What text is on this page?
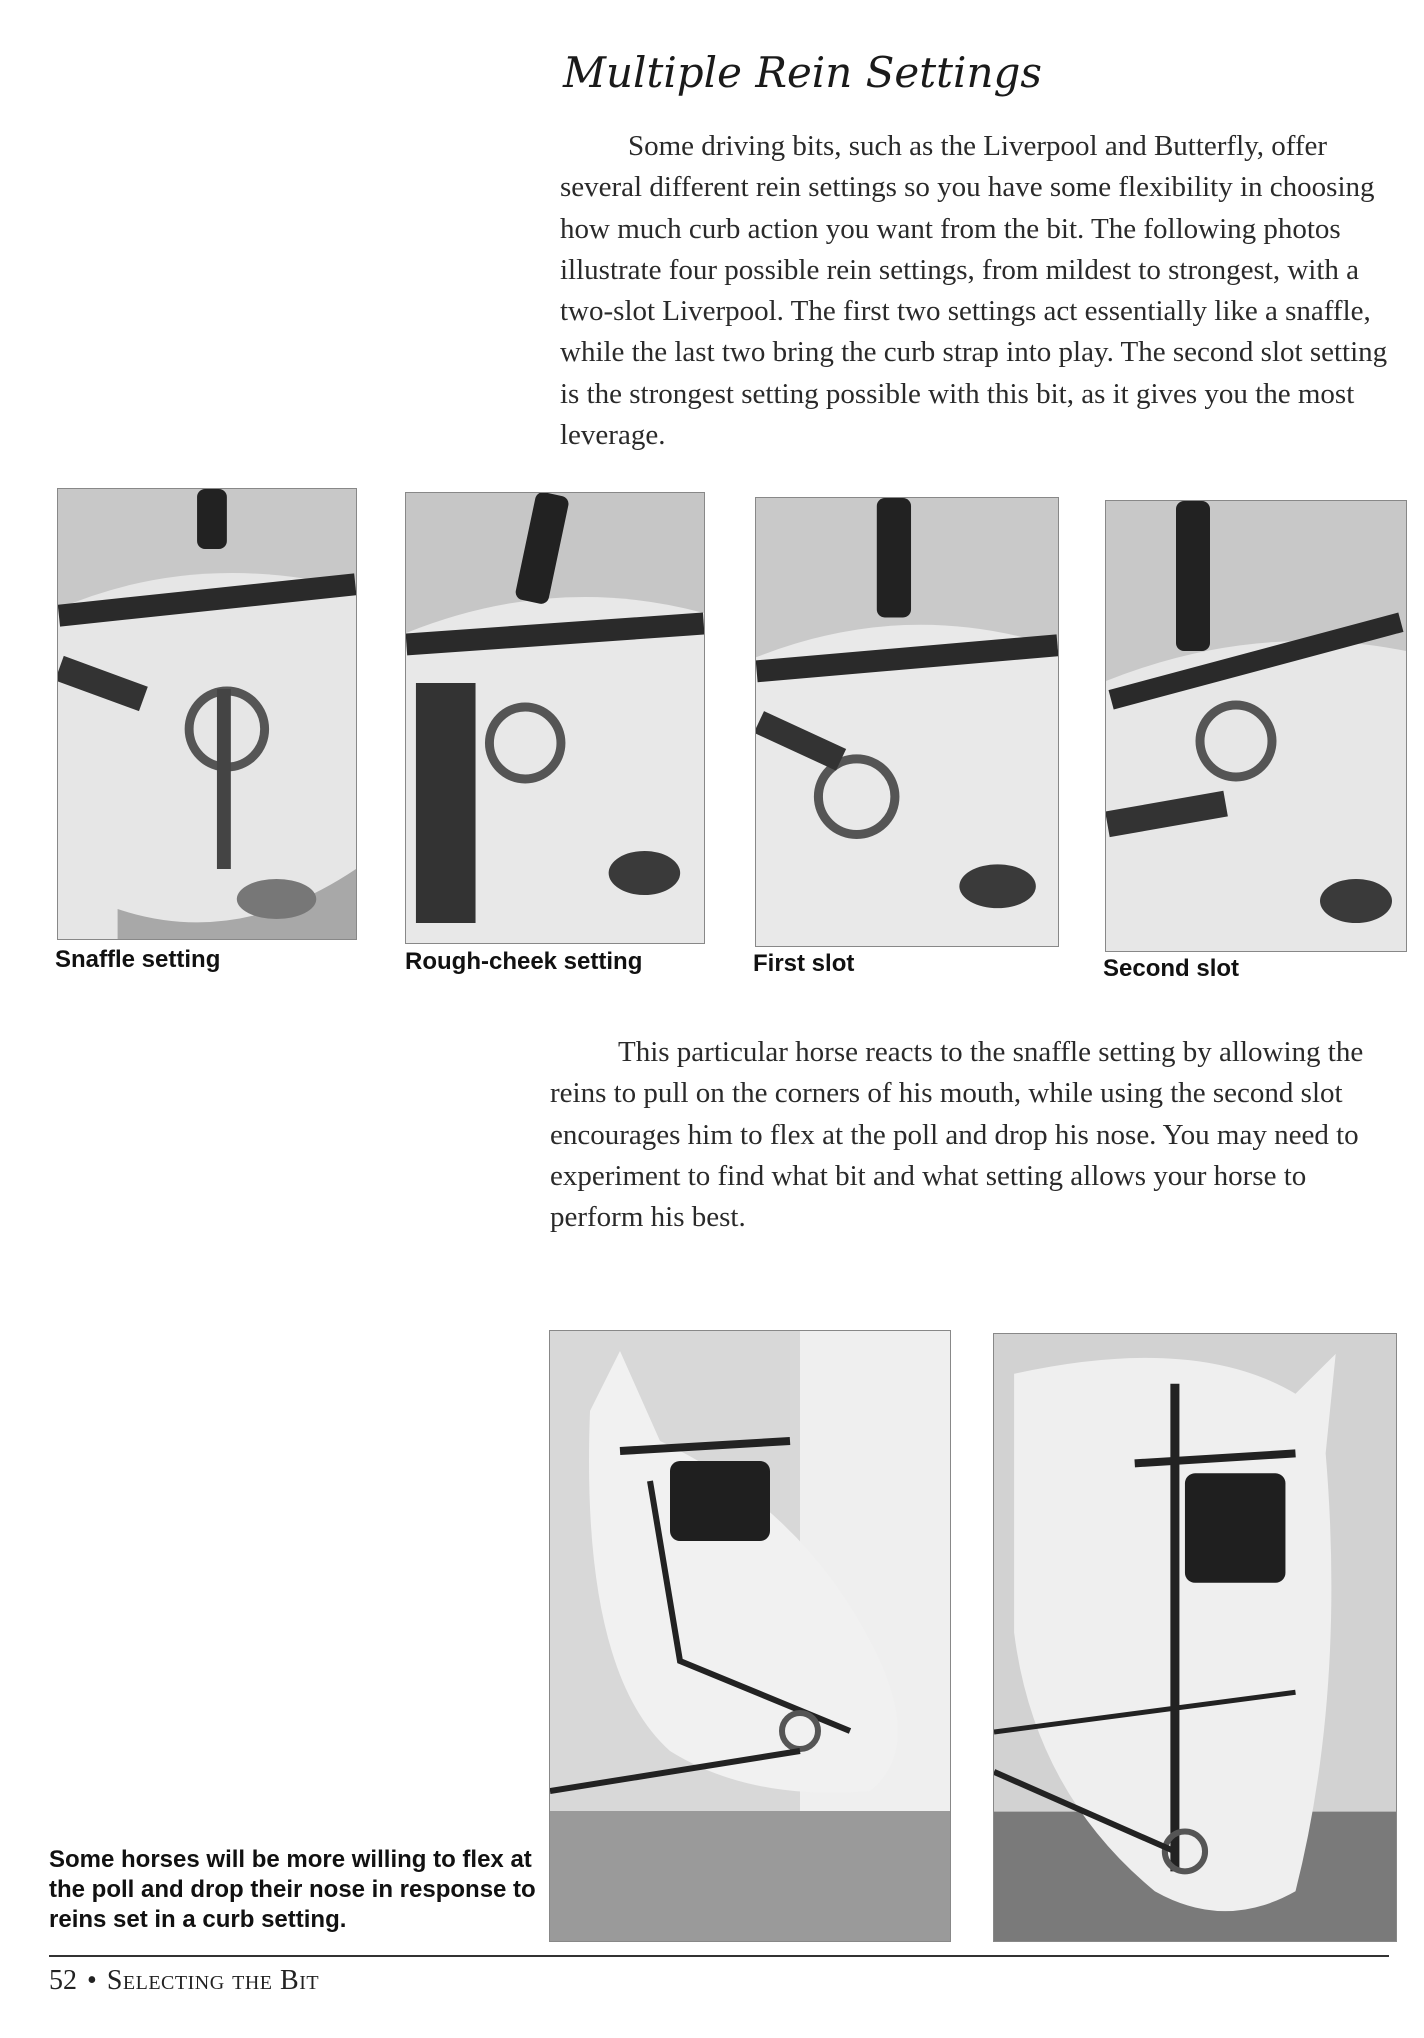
Multiple Rein Settings

Some driving bits, such as the Liverpool and Butterfly, offer several different rein settings so you have some flexibility in choosing how much curb action you want from the bit. The following photos illustrate four possible rein settings, from mildest to strongest, with a two-slot Liverpool. The first two settings act essentially like a snaffle, while the last two bring the curb strap into play. The second slot setting is the strongest setting possible with this bit, as it gives you the most leverage.

Snaffle setting	Rough-cheek setting	First slot	Second slot

This particular horse reacts to the snaffle setting by allowing the reins to pull on the corners of his mouth, while using the second slot encourages him to flex at the poll and drop his nose. You may need to experiment to find what bit and what setting allows your horse to perform his best.

Some horses will be more willing to flex at the poll and drop their nose in response to reins set in a curb setting.

52 • Selecting the Bit
